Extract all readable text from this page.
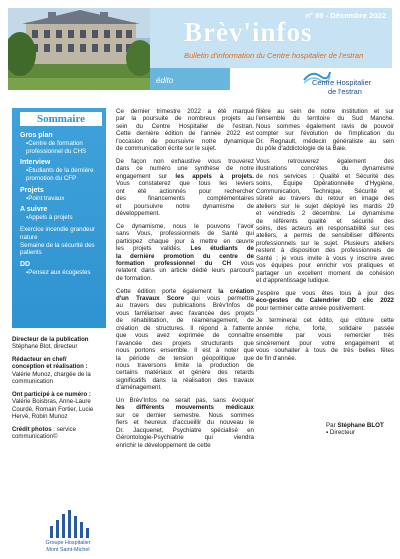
n° 89 - Décembre 2022
Brèv'infos
Bulletin d'information du Centre hospitalier de l'estran
édito	Centre Hospitalier
de l'estran
Sommaire
Gros plan
▪Centre de formation
professionnel du CHS
Interview
▪Etudiants de la dernière
promotion du CFP
Projets
▪Point travaux
A suivre
▪Appels à projets
Exercice incendie grandeur
nature
Semaine de la sécurité des
patients
DD
▪Pensez aux écogestes
Directeur de la publication
Stéphane Blot, directeur
Rédacteur en chef/
conception et réalisation :
Valérie Munoz, chargée de la
communication
Ont participé à ce numéro :
Valérie Boisbras, Anne-Laure
Courdé, Romain Fortier, Lucie
Hervé, Robin Munoz
Crédit photos : service
communication©
Groupe Hospitalier
Mont Saint-Michel
Ce dernier trimestre 2022 a été marqué
par la poursuite de nombreux projets au
sein du Centre Hospitalier de l'estran.
Cette dernière édition de l'année 2022 est
l'occasion de poursuivre notre dynamique
de communication écrite sur le sujet.
De façon non exhaustive vous trouverez
dans ce numéro une synthèse de notre
engagement sur les appels à projets.
Vous constaterez que tous les leviers
ont été actionnés pour rechercher
des financements complémentaires
et poursuivre notre dynamisme de
développement.
Ce dynamisme, nous le pouvons l'avoir
sans Vous, professionnels de Santé qui
participez chaque jour à mettre en œuvre
les projets validés. Les étudiants de
la dernière promotion du centre de
formation professionnel du CH vous
relatent dans un article dédié leurs parcours
de formation.
Cette édition porte également la création
d'un Travaux Score qui vous permettra
au travers des publications Brèv'Infos de
vous familiariser avec l'avancée des projets
de réhabilitation, de réaménagement, de
création de structures. Il répond à l'attente
que vous avez exprimée de connaître
l'avancée des projets structurants que
nous portons ensemble. Il est à noter que
la période de tension géopolitique que
nous traversons limite la production de
certains matériaux et génère des retards
significatifs dans la réalisation des travaux
d'aménagement.
Un Brèv'Infos ne serait pas, sans évoquer
les différents mouvements médicaux
sur ce dernier semestre. Nous sommes
fiers et heureux d'accueillir du nouveau le
Dr. Jacquenet, Psychiatre spécialisé en
Gérontologie-Psychiatrie qui viendra
enrichir le développement de cette
filière au sein de notre institution et sur
l'ensemble du territoire du Sud Manche.
Nous sommes également ravis de pouvoir
compter sur l'évolution de l'implication du
Dr. Regnault, médecin généraliste au sein
du pôle d'addictologie de la Baie.
Vous retrouverez également des
illustrations concrètes du dynamisme
de nos services : Qualité et Sécurité des
soins, Équipe Opérationnelle d'Hygiène,
Communication, Technique, Sécurité et
sûreté au travers du retour en image des
ateliers sur le sujet déployé les mardis 29
et vendredis 2 décembre. Le dynamisme
de référents qualité et sécurité des
soins, des acteurs en responsabilité sur ces
ateliers, a permis de sensibiliser différents
professionnels sur le sujet. Plusieurs ateliers
restent à disposition des professionnels de
Santé ; je vous invite à vous y inscrire avec
vos équipes pour enrichir vos pratiques et
partager un excellent moment de cohésion
et d'apprentissage ludique.
J'espère que vous êtes tous à jour des
éco-gestes du Calendrier DD clic 2022
pour terminer cette année positivement.
Je terminerai cet édito, qui clôture cette
année riche, forte, solidaire passée
ensemble par vous remercier très
sincèrement pour votre engagement et
vous souhaiter à tous de très belles fêtes
de fin d'année.
Par Stéphane BLOT
▪ Directeur
